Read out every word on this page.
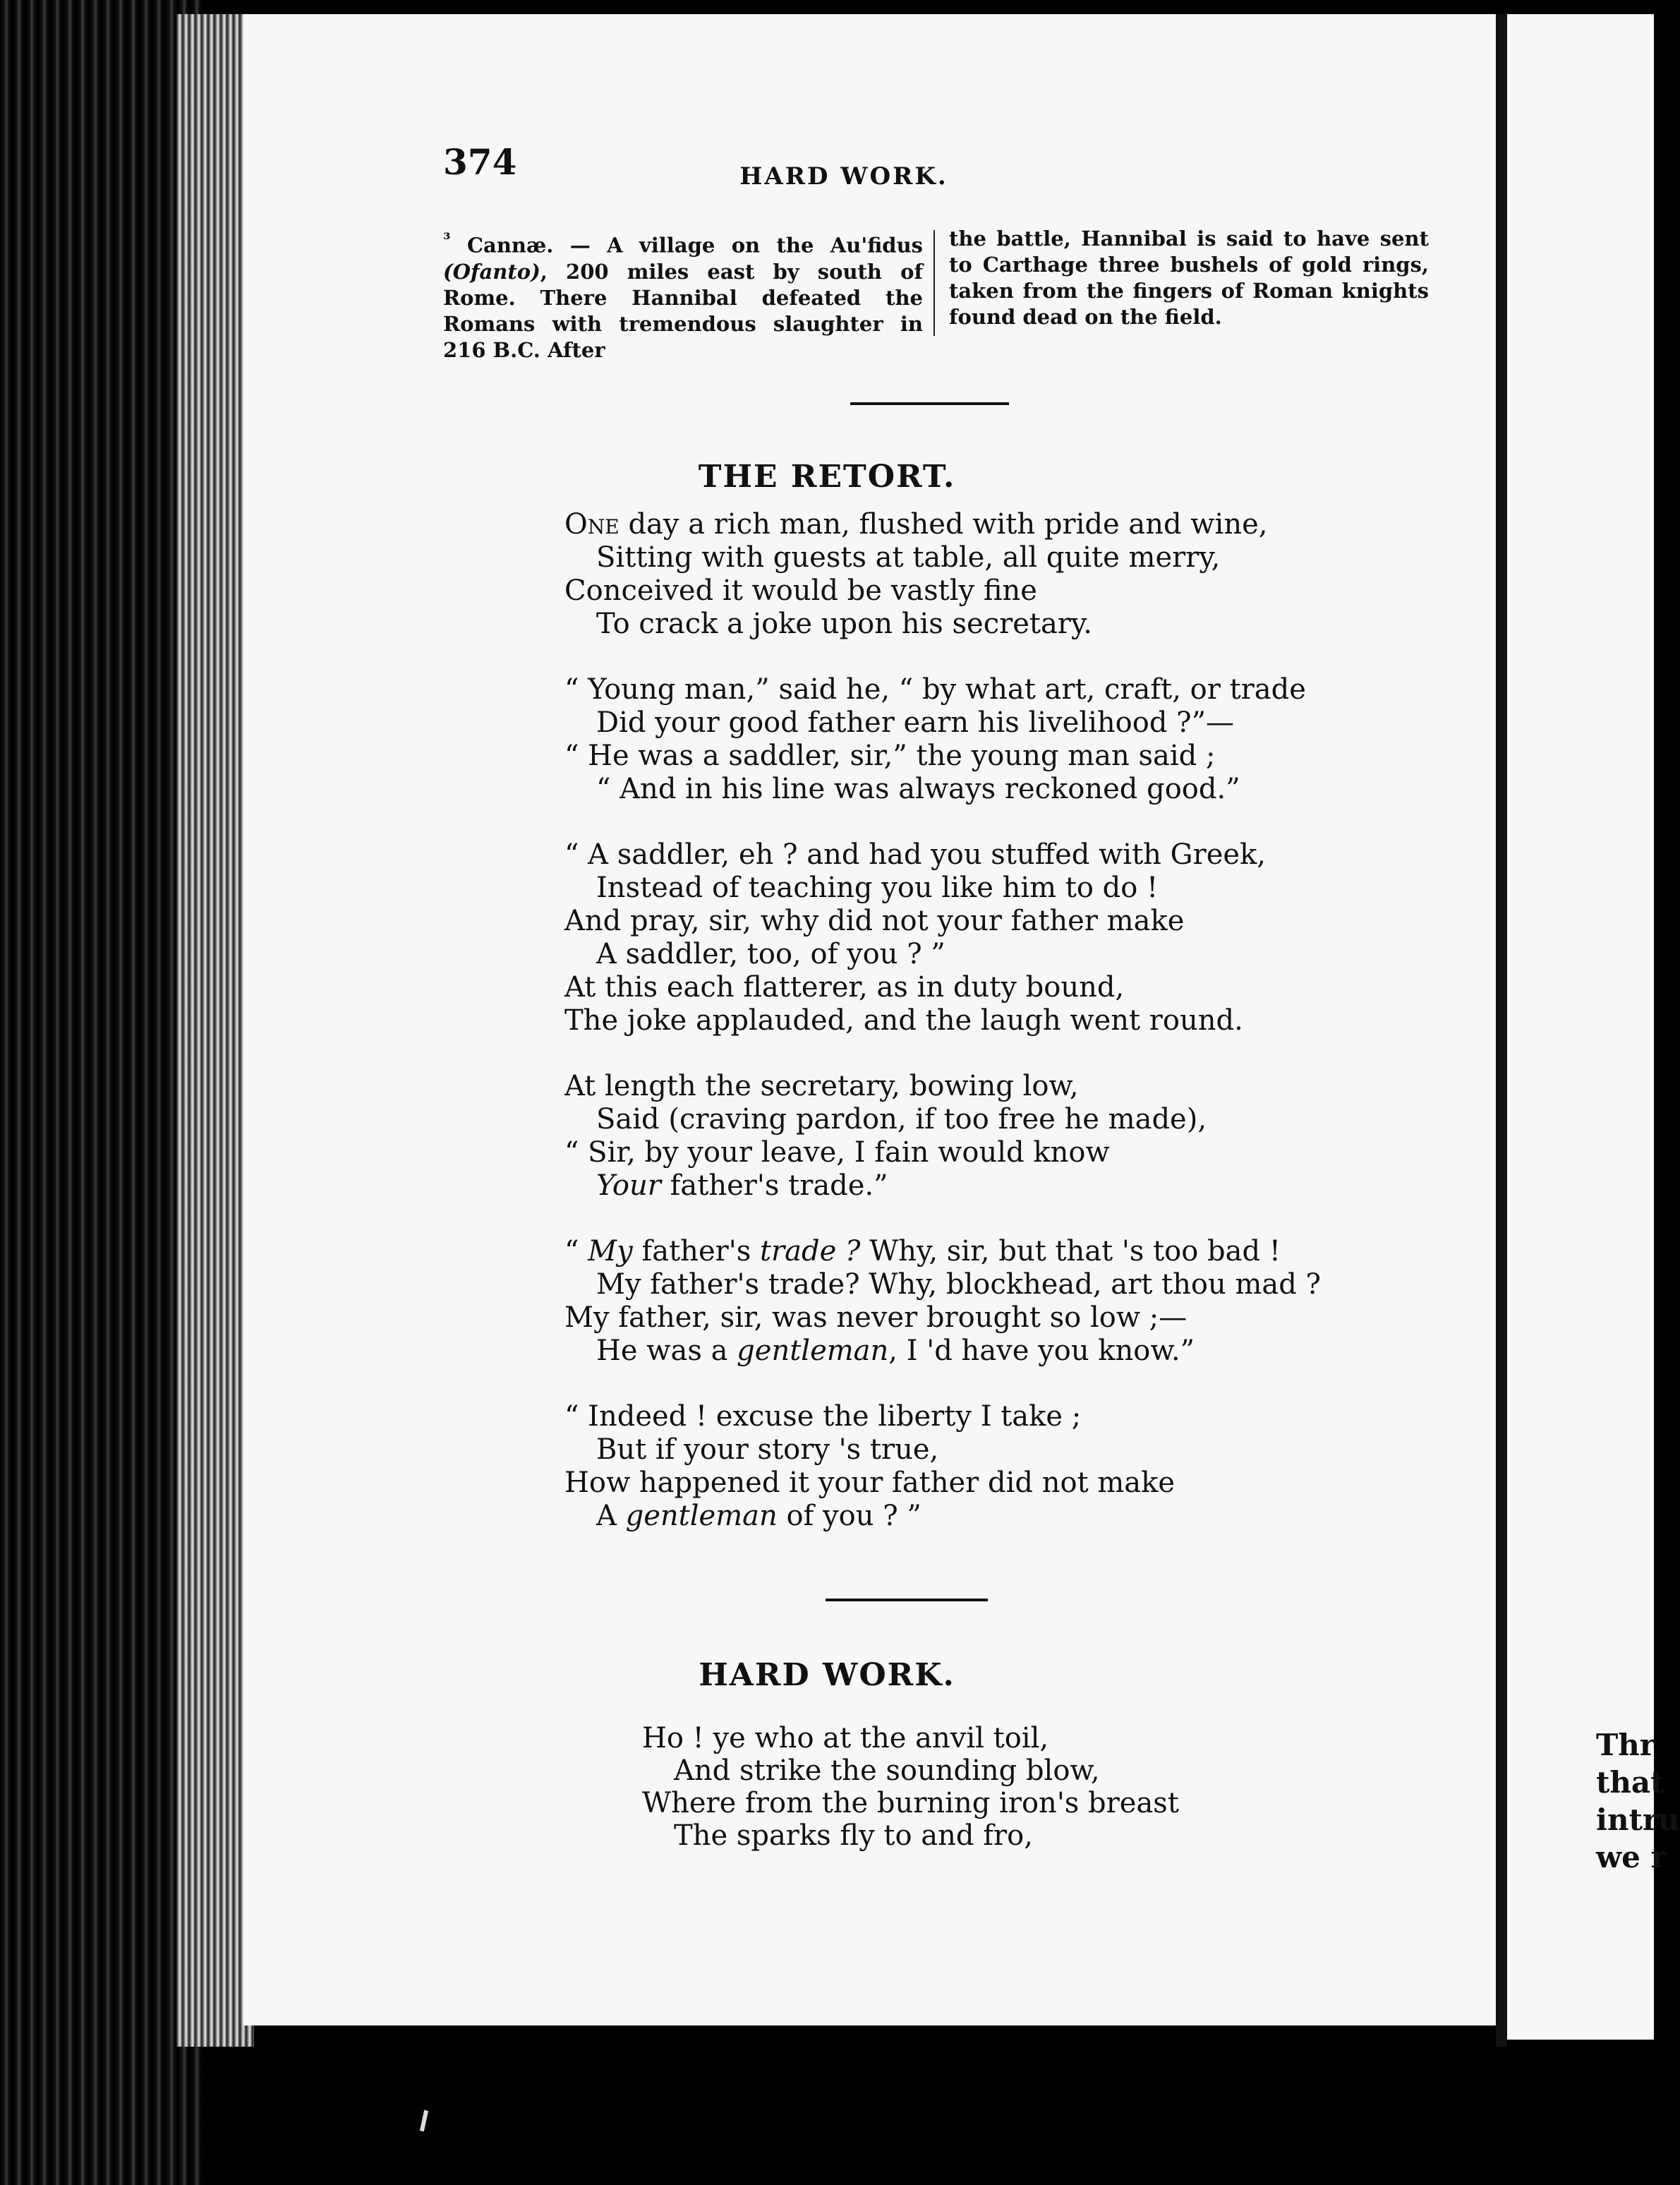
374	HARD WORK.
$^{^3}$ Cannæ. — A village on the Au'fidus (Ofanto), 200 miles east by south of Rome. There Hannibal defeated the Romans with tremendous slaughter in 216 B.C. After
the battle, Hannibal is said to have sent to Carthage three bushels of gold rings, taken from the fingers of Roman knights found dead on the field.
THE RETORT.
One day a rich man, flushed with pride and wine,
Sitting with guests at table, all quite merry,
Conceived it would be vastly fine
To crack a joke upon his secretary.
“ Young man,” said he, “ by what art, craft, or trade
Did your good father earn his livelihood ?”—
“ He was a saddler, sir,” the young man said ;
“ And in his line was always reckoned good.”
“ A saddler, eh ? and had you stuffed with Greek,
Instead of teaching you like him to do !
And pray, sir, why did not your father make
A saddler, too, of you ? ”
At this each flatterer, as in duty bound,
The joke applauded, and the laugh went round.
At length the secretary, bowing low,
Said (craving pardon, if too free he made),
“ Sir, by your leave, I fain would know
Your father's trade.”
“ My father's trade ? Why, sir, but that 's too bad !
My father's trade? Why, blockhead, art thou mad ?
My father, sir, was never brought so low ;—
He was a gentleman, I 'd have you know.”
“ Indeed ! excuse the liberty I take ;
But if your story 's true,
How happened it your father did not make
A gentleman of you ? ”
HARD WORK.
Ho ! ye who at the anvil toil,
And strike the sounding blow,
Where from the burning iron's breast
The sparks fly to and fro,
Thr
that
intru
we r
